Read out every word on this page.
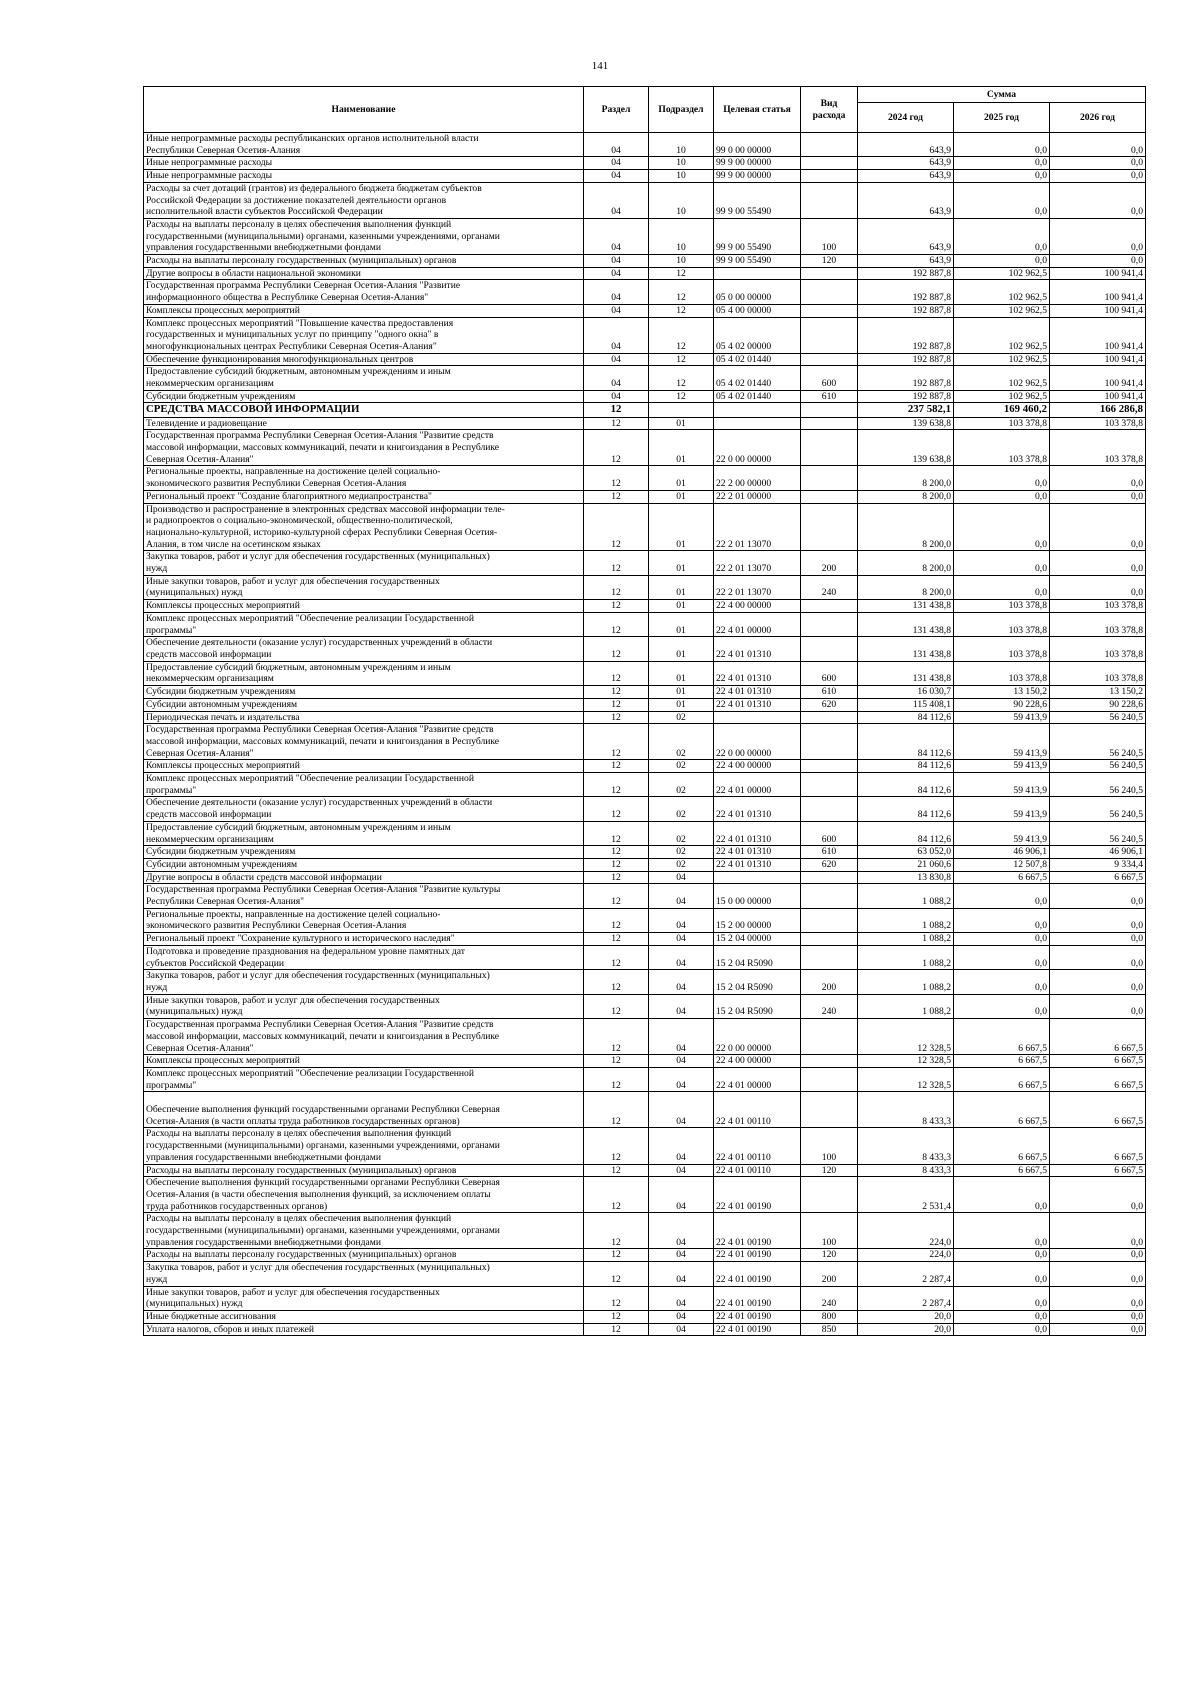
141
Наименование	Раздел	Подраздел	Целевая статья	Вид расхода	Сумма		
					2024 год	2025 год	2026 год
Иные непрограммные расходы республиканских органов исполнительной власти
Республики Северная Осетия-Алания	04	10	99 0 00 00000		643,9	0,0	0,0
Иные непрограммные расходы	04	10	99 9 00 00000		643,9	0,0	0,0
Иные непрограммные расходы	04	10	99 9 00 00000		643,9	0,0	0,0
Расходы за счет дотаций (грантов) из федерального бюджета бюджетам субъектов
Российской Федерации за достижение показателей деятельности органов
исполнительной власти субъектов Российской Федерации	04	10	99 9 00 55490		643,9	0,0	0,0
Расходы на выплаты персоналу в целях обеспечения выполнения функций
государственными (муниципальными) органами, казенными учреждениями, органами
управления государственными внебюджетными фондами	04	10	99 9 00 55490	100	643,9	0,0	0,0
Расходы на выплаты персоналу государственных (муниципальных) органов	04	10	99 9 00 55490	120	643,9	0,0	0,0
Другие вопросы в области национальной экономики	04	12			192 887,8	102 962,5	100 941,4
Государственная программа Республики Северная Осетия-Алания "Развитие
информационного общества в Республике Северная Осетия-Алания"	04	12	05 0 00 00000		192 887,8	102 962,5	100 941,4
Комплексы процессных мероприятий	04	12	05 4 00 00000		192 887,8	102 962,5	100 941,4
Комплекс процессных мероприятий "Повышение качества предоставления
государственных и муниципальных услуг по принципу "одного окна" в
многофункциональных центрах Республики Северная Осетия-Алания"	04	12	05 4 02 00000		192 887,8	102 962,5	100 941,4
Обеспечение функционирования многофункциональных центров	04	12	05 4 02 01440		192 887,8	102 962,5	100 941,4
Предоставление субсидий бюджетным, автономным учреждениям и иным
некоммерческим организациям	04	12	05 4 02 01440	600	192 887,8	102 962,5	100 941,4
Субсидии бюджетным учреждениям	04	12	05 4 02 01440	610	192 887,8	102 962,5	100 941,4
СРЕДСТВА МАССОВОЙ ИНФОРМАЦИИ	12				237 582,1	169 460,2	166 286,8
Телевидение и радиовещание	12	01			139 638,8	103 378,8	103 378,8
Государственная программа Республики Северная Осетия-Алания "Развитие средств
массовой информации, массовых коммуникаций, печати и книгоиздания в Республике
Северная Осетия-Алания"	12	01	22 0 00 00000		139 638,8	103 378,8	103 378,8
Региональные проекты, направленные на достижение целей социально-
экономического развития Республики Северная Осетия-Алания	12	01	22 2 00 00000		8 200,0	0,0	0,0
Региональный проект "Создание благоприятного медиапространства"	12	01	22 2 01 00000		8 200,0	0,0	0,0
Производство и распространение в электронных средствах массовой информации теле-
и радиопроектов о социально-экономической, общественно-политической,
национально-культурной, историко-культурной сферах Республики Северная Осетия-
Алания, в том числе на осетинском языках	12	01	22 2 01 13070		8 200,0	0,0	0,0
Закупка товаров, работ и услуг для обеспечения государственных (муниципальных)
нужд	12	01	22 2 01 13070	200	8 200,0	0,0	0,0
Иные закупки товаров, работ и услуг для обеспечения государственных
(муниципальных) нужд	12	01	22 2 01 13070	240	8 200,0	0,0	0,0
Комплексы процессных мероприятий	12	01	22 4 00 00000		131 438,8	103 378,8	103 378,8
Комплекс процессных мероприятий "Обеспечение реализации Государственной
программы"	12	01	22 4 01 00000		131 438,8	103 378,8	103 378,8
Обеспечение деятельности (оказание услуг) государственных учреждений в области
средств массовой информации	12	01	22 4 01 01310		131 438,8	103 378,8	103 378,8
Предоставление субсидий бюджетным, автономным учреждениям и иным
некоммерческим организациям	12	01	22 4 01 01310	600	131 438,8	103 378,8	103 378,8
Субсидии бюджетным учреждениям	12	01	22 4 01 01310	610	16 030,7	13 150,2	13 150,2
Субсидии автономным учреждениям	12	01	22 4 01 01310	620	115 408,1	90 228,6	90 228,6
Периодическая печать и издательства	12	02			84 112,6	59 413,9	56 240,5
Государственная программа Республики Северная Осетия-Алания "Развитие средств
массовой информации, массовых коммуникаций, печати и книгоиздания в Республике
Северная Осетия-Алания"	12	02	22 0 00 00000		84 112,6	59 413,9	56 240,5
Комплексы процессных мероприятий	12	02	22 4 00 00000		84 112,6	59 413,9	56 240,5
Комплекс процессных мероприятий "Обеспечение реализации Государственной
программы"	12	02	22 4 01 00000		84 112,6	59 413,9	56 240,5
Обеспечение деятельности (оказание услуг) государственных учреждений в области
средств массовой информации	12	02	22 4 01 01310		84 112,6	59 413,9	56 240,5
Предоставление субсидий бюджетным, автономным учреждениям и иным
некоммерческим организациям	12	02	22 4 01 01310	600	84 112,6	59 413,9	56 240,5
Субсидии бюджетным учреждениям	12	02	22 4 01 01310	610	63 052,0	46 906,1	46 906,1
Субсидии автономным учреждениям	12	02	22 4 01 01310	620	21 060,6	12 507,8	9 334,4
Другие вопросы в области средств массовой информации	12	04			13 830,8	6 667,5	6 667,5
Государственная программа Республики Северная Осетия-Алания "Развитие культуры
Республики Северная Осетия-Алания"	12	04	15 0 00 00000		1 088,2	0,0	0,0
Региональные проекты, направленные на достижение целей социально-
экономического развития Республики Северная Осетия-Алания	12	04	15 2 00 00000		1 088,2	0,0	0,0
Региональный проект "Сохранение культурного и исторического наследия"	12	04	15 2 04 00000		1 088,2	0,0	0,0
Подготовка и проведение празднования на федеральном уровне памятных дат
субъектов Российской Федерации	12	04	15 2 04 R5090		1 088,2	0,0	0,0
Закупка товаров, работ и услуг для обеспечения государственных (муниципальных)
нужд	12	04	15 2 04 R5090	200	1 088,2	0,0	0,0
Иные закупки товаров, работ и услуг для обеспечения государственных
(муниципальных) нужд	12	04	15 2 04 R5090	240	1 088,2	0,0	0,0
Государственная программа Республики Северная Осетия-Алания "Развитие средств
массовой информации, массовых коммуникаций, печати и книгоиздания в Республике
Северная Осетия-Алания"	12	04	22 0 00 00000		12 328,5	6 667,5	6 667,5
Комплексы процессных мероприятий	12	04	22 4 00 00000		12 328,5	6 667,5	6 667,5
Комплекс процессных мероприятий "Обеспечение реализации Государственной
программы"	12	04	22 4 01 00000		12 328,5	6 667,5	6 667,5

Обеспечение выполнения функций государственными органами Республики Северная
Осетия-Алания (в части оплаты труда работников государственных органов)	12	04	22 4 01 00110		8 433,3	6 667,5	6 667,5
Расходы на выплаты персоналу в целях обеспечения выполнения функций
государственными (муниципальными) органами, казенными учреждениями, органами
управления государственными внебюджетными фондами	12	04	22 4 01 00110	100	8 433,3	6 667,5	6 667,5
Расходы на выплаты персоналу государственных (муниципальных) органов	12	04	22 4 01 00110	120	8 433,3	6 667,5	6 667,5
Обеспечение выполнения функций государственными органами Республики Северная
Осетия-Алания (в части обеспечения выполнения функций, за исключением оплаты
труда работников государственных органов)	12	04	22 4 01 00190		2 531,4	0,0	0,0
Расходы на выплаты персоналу в целях обеспечения выполнения функций
государственными (муниципальными) органами, казенными учреждениями, органами
управления государственными внебюджетными фондами	12	04	22 4 01 00190	100	224,0	0,0	0,0
Расходы на выплаты персоналу государственных (муниципальных) органов	12	04	22 4 01 00190	120	224,0	0,0	0,0
Закупка товаров, работ и услуг для обеспечения государственных (муниципальных)
нужд	12	04	22 4 01 00190	200	2 287,4	0,0	0,0
Иные закупки товаров, работ и услуг для обеспечения государственных
(муниципальных) нужд	12	04	22 4 01 00190	240	2 287,4	0,0	0,0
Иные бюджетные ассигнования	12	04	22 4 01 00190	800	20,0	0,0	0,0
Уплата налогов, сборов и иных платежей	12	04	22 4 01 00190	850	20,0	0,0	0,0
